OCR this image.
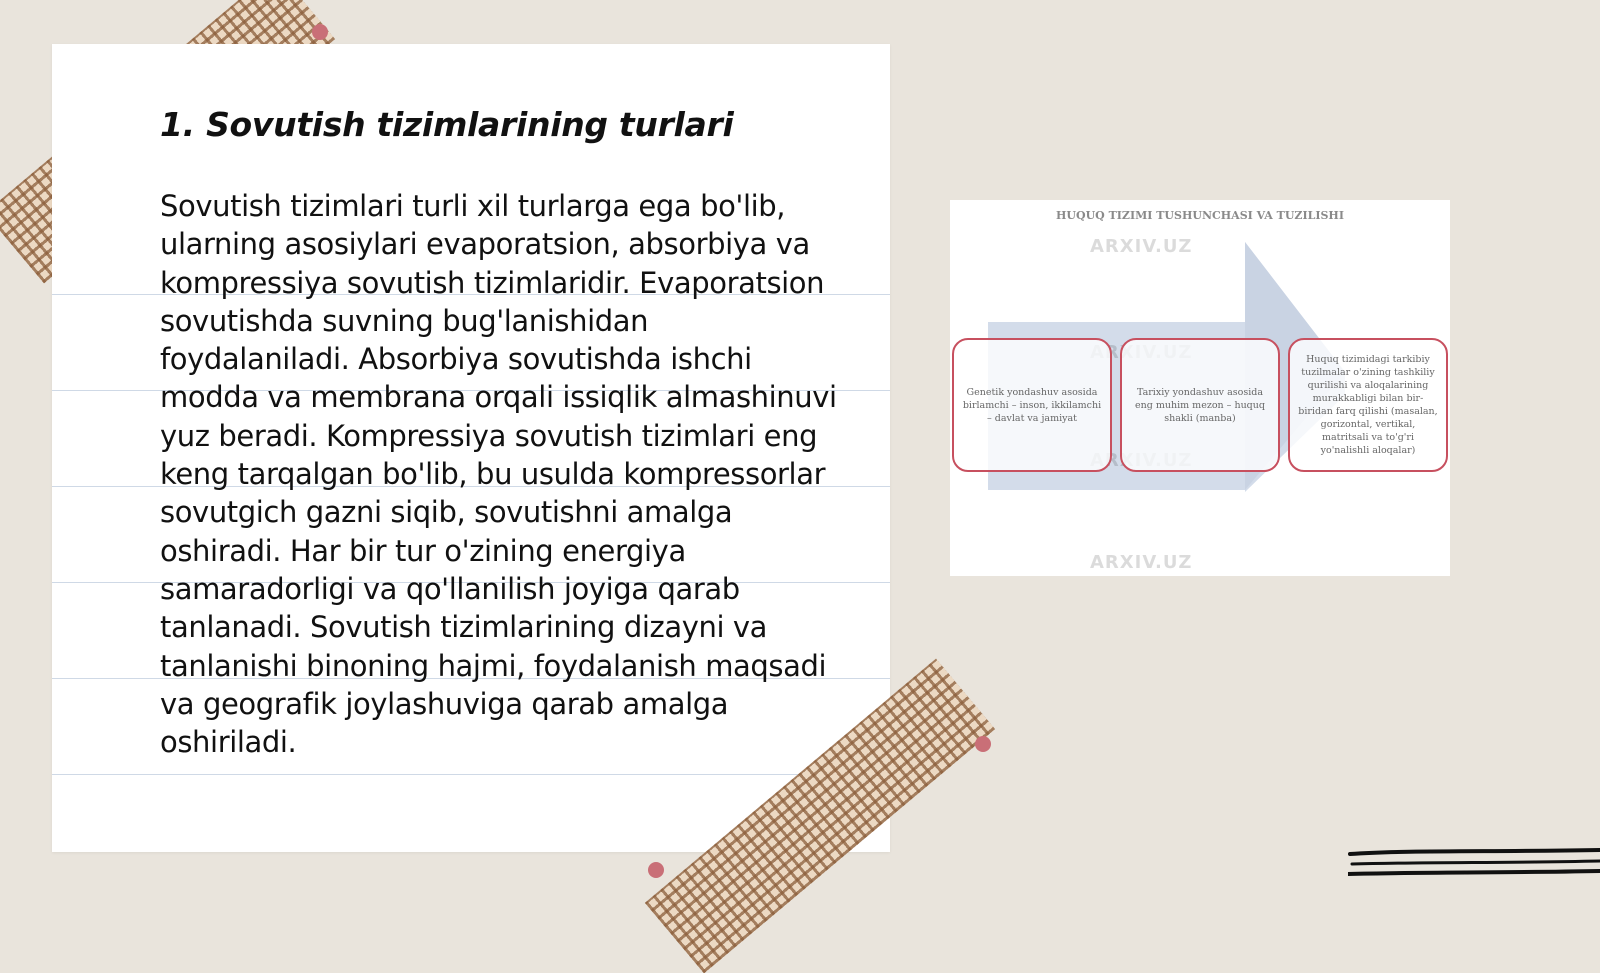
1. Sovutish tizimlarining turlari

Sovutish tizimlari turli xil turlarga ega bo'lib, ularning asosiylari evaporatsion, absorbiya va kompressiya sovutish tizimlaridir. Evaporatsion sovutishda suvning bug'lanishidan foydalaniladi. Absorbiya sovutishda ishchi modda va membrana orqali issiqlik almashinuvi yuz beradi. Kompressiya sovutish tizimlari eng keng tarqalgan bo'lib, bu usulda kompressorlar sovutgich gazni siqib, sovutishni amalga oshiradi. Har bir tur o'zining energiya samaradorligi va qo'llanilish joyiga qarab tanlanadi. Sovutish tizimlarining dizayni va tanlanishi binoning hajmi, foydalanish maqsadi va geografik joylashuviga qarab amalga oshiriladi.

HUQUQ TIZIMI TUSHUNCHASI VA TUZILISHI
ARXIV.UZ
ARXIV.UZ
Genetik yondashuv asosida birlamchi – inson, ikkilamchi – davlat va jamiyat
Tarixiy yondashuv asosida eng muhim mezon – huquq shakli (manba)
Huquq tizimidagi tarkibiy tuzilmalar o'zining tashkiliy qurilishi va aloqalarining murakkabligi bilan bir-biridan farq qilishi (masalan, gorizontal, vertikal, matritsali va to'g'ri yo'nalishli aloqalar)
